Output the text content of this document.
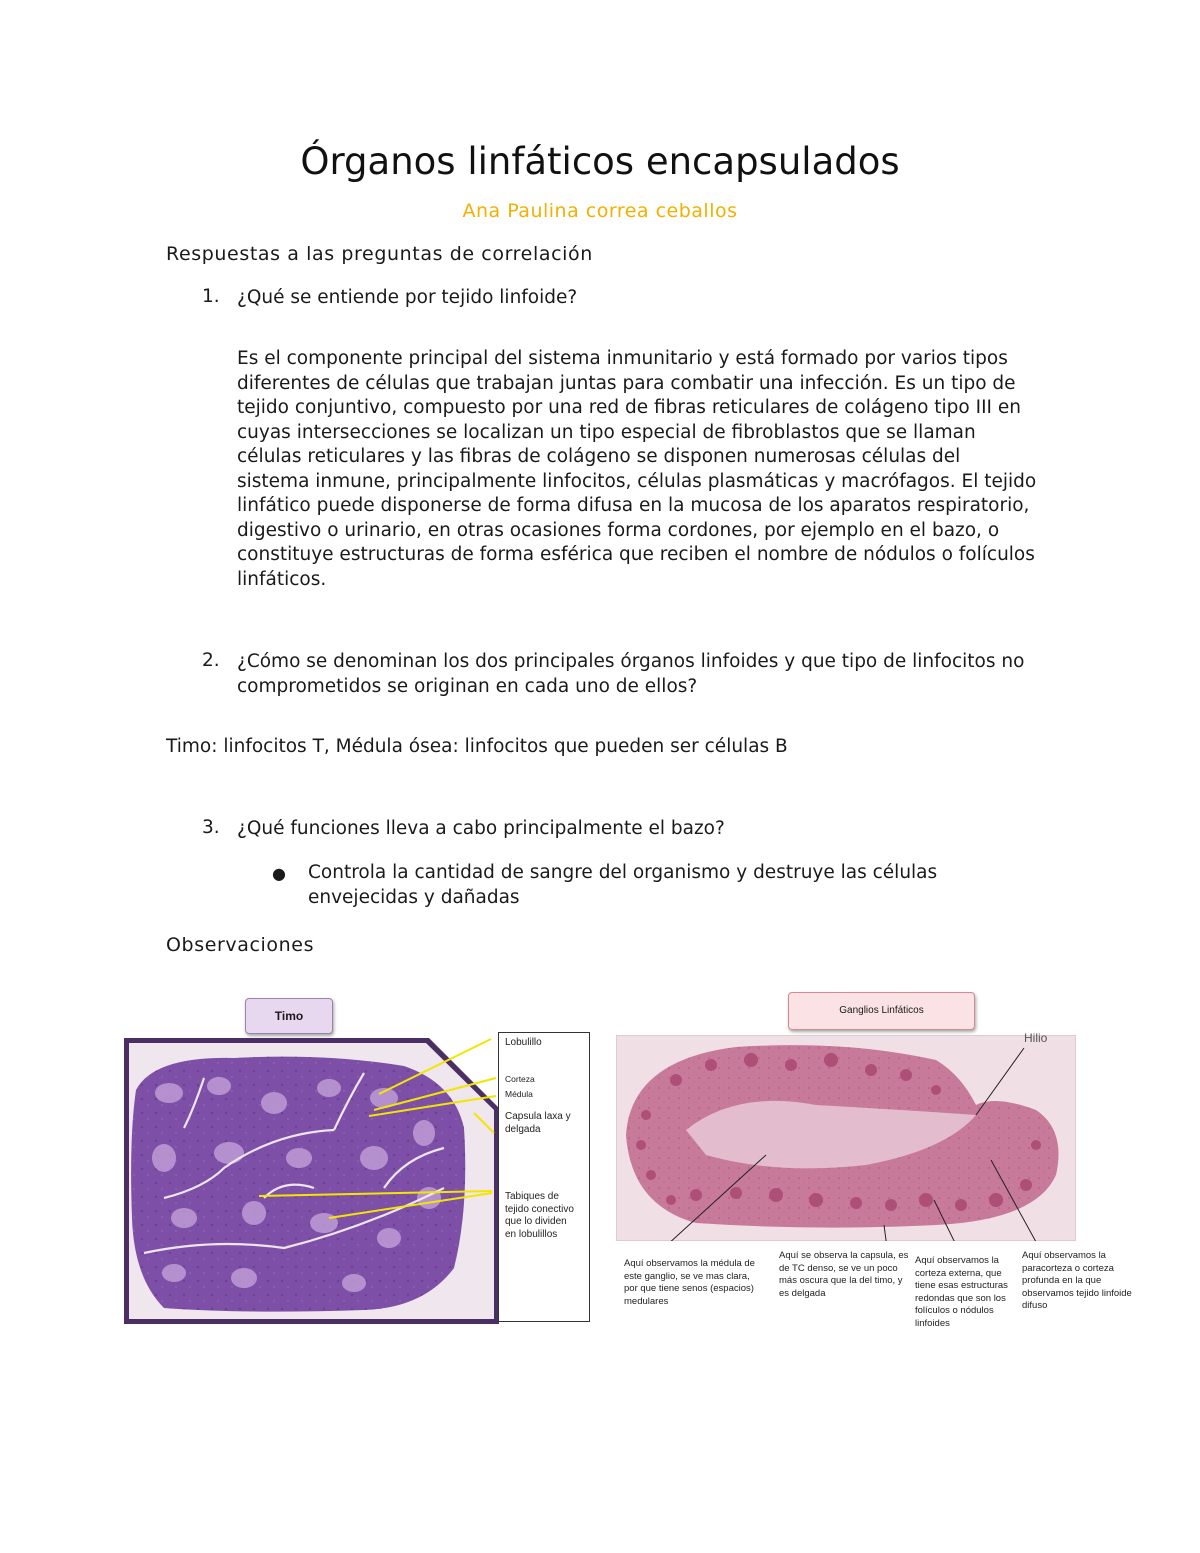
Órganos linfáticos encapsulados
Ana Paulina correa ceballos
Respuestas a las preguntas de correlación
1. ¿Qué se entiende por tejido linfoide?
Es el componente principal del sistema inmunitario y está formado por varios tipos diferentes de células que trabajan juntas para combatir una infección. Es un tipo de tejido conjuntivo, compuesto por una red de fibras reticulares de colágeno tipo III en cuyas intersecciones se localizan un tipo especial de fibroblastos que se llaman células reticulares y las fibras de colágeno se disponen numerosas células del sistema inmune, principalmente linfocitos, células plasmáticas y macrófagos. El tejido linfático puede disponerse de forma difusa en la mucosa de los aparatos respiratorio, digestivo o urinario, en otras ocasiones forma cordones, por ejemplo en el bazo, o constituye estructuras de forma esférica que reciben el nombre de nódulos o folículos linfáticos.
2. ¿Cómo se denominan los dos principales órganos linfoides y que tipo de linfocitos no comprometidos se originan en cada uno de ellos?
Timo: linfocitos T, Médula ósea: linfocitos que pueden ser células B
3. ¿Qué funciones lleva a cabo principalmente el bazo?
● Controla la cantidad de sangre del organismo y destruye las células envejecidas y dañadas
Observaciones
Timo
Lobulillo
Corteza
Médula
Capsula laxa y delgada
Tabiques de tejido conectivo que lo dividen en lobulillos
Ganglios Linfáticos
Hilio
Aquí observamos la médula de este ganglio, se ve mas clara, por que tiene senos (espacios) medulares
Aquí se observa la capsula, es de TC denso, se ve un poco más oscura que la del timo, y es delgada
Aquí observamos la corteza externa, que tiene esas estructuras redondas que son los folículos o nódulos linfoides
Aquí observamos la paracorteza o corteza profunda en la que observamos tejido linfoide difuso
